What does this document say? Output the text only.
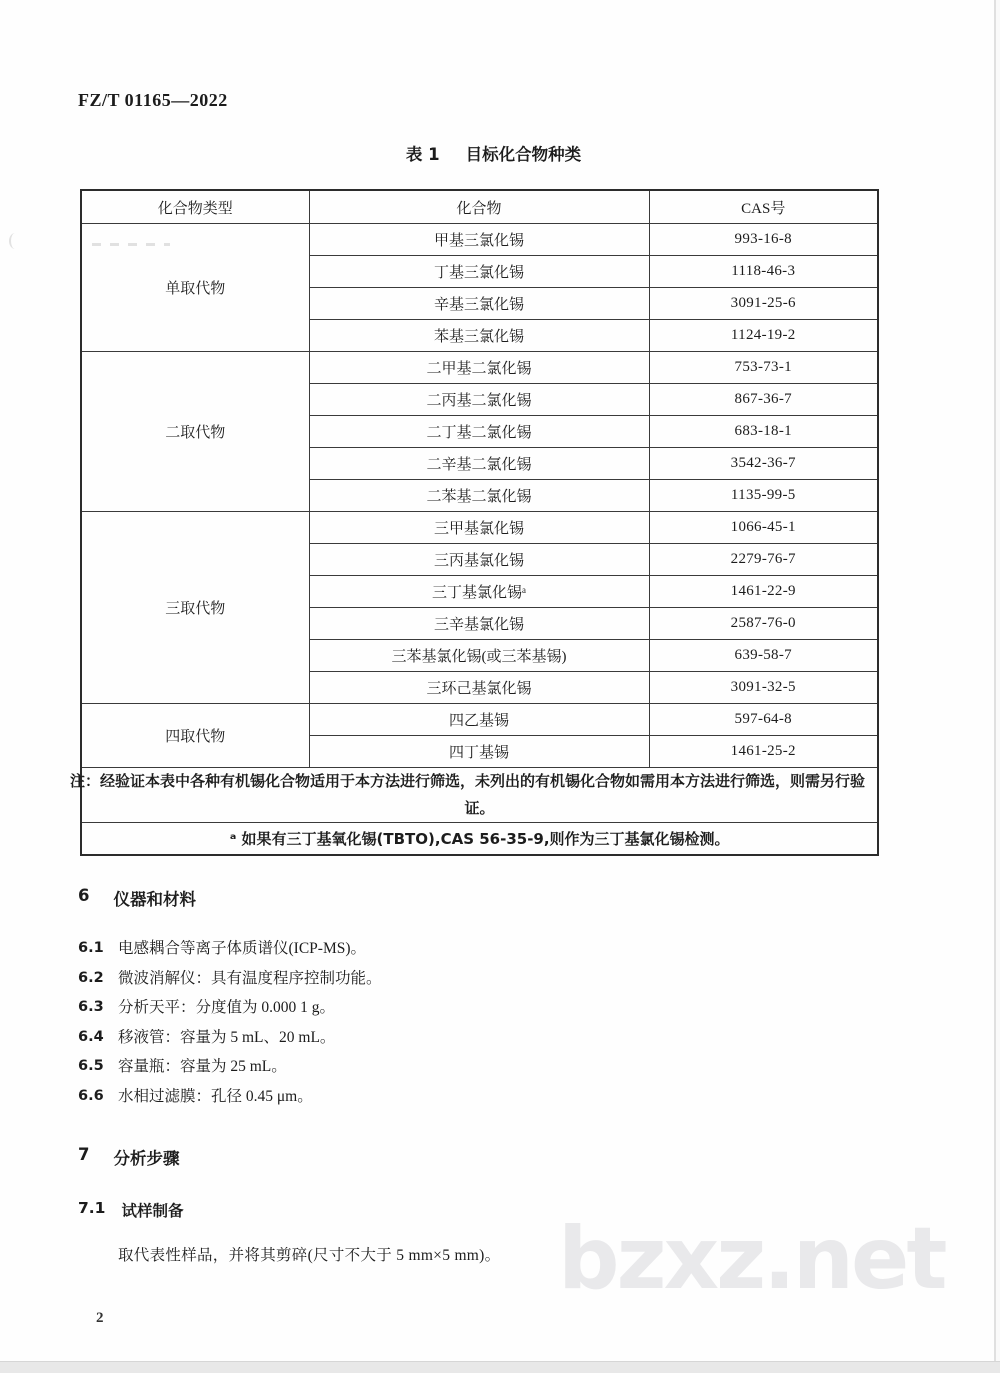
FZ/T 01165—2022
表 1 目标化合物种类
化合物类型	化合物	CAS号
单取代物	甲基三氯化锡	993-16-8
	丁基三氯化锡	1118-46-3
	辛基三氯化锡	3091-25-6
	苯基三氯化锡	1124-19-2
二取代物	二甲基二氯化锡	753-73-1
	二丙基二氯化锡	867-36-7
	二丁基二氯化锡	683-18-1
	二辛基二氯化锡	3542-36-7
	二苯基二氯化锡	1135-99-5
三取代物	三甲基氯化锡	1066-45-1
	三丙基氯化锡	2279-76-7
	三丁基氯化锡ᵃ	1461-22-9
	三辛基氯化锡	2587-76-0
	三苯基氯化锡(或三苯基锡)	639-58-7
	三环己基氯化锡	3091-32-5
四取代物	四乙基锡	597-64-8
	四丁基锡	1461-25-2
注：经验证本表中各种有机锡化合物适用于本方法进行筛选，未列出的有机锡化合物如需用本方法进行筛选，则需另行验证。		
ᵃ 如果有三丁基氧化锡(TBTO),CAS 56-35-9,则作为三丁基氯化锡检测。		
6 仪器和材料
6.1 电感耦合等离子体质谱仪(ICP-MS)。
6.2 微波消解仪：具有温度程序控制功能。
6.3 分析天平：分度值为 0.000 1 g。
6.4 移液管：容量为 5 mL、20 mL。
6.5 容量瓶：容量为 25 mL。
6.6 水相过滤膜：孔径 0.45 μm。
7 分析步骤
7.1 试样制备
取代表性样品，并将其剪碎(尺寸不大于 5 mm×5 mm)。 bzxz.net
2
